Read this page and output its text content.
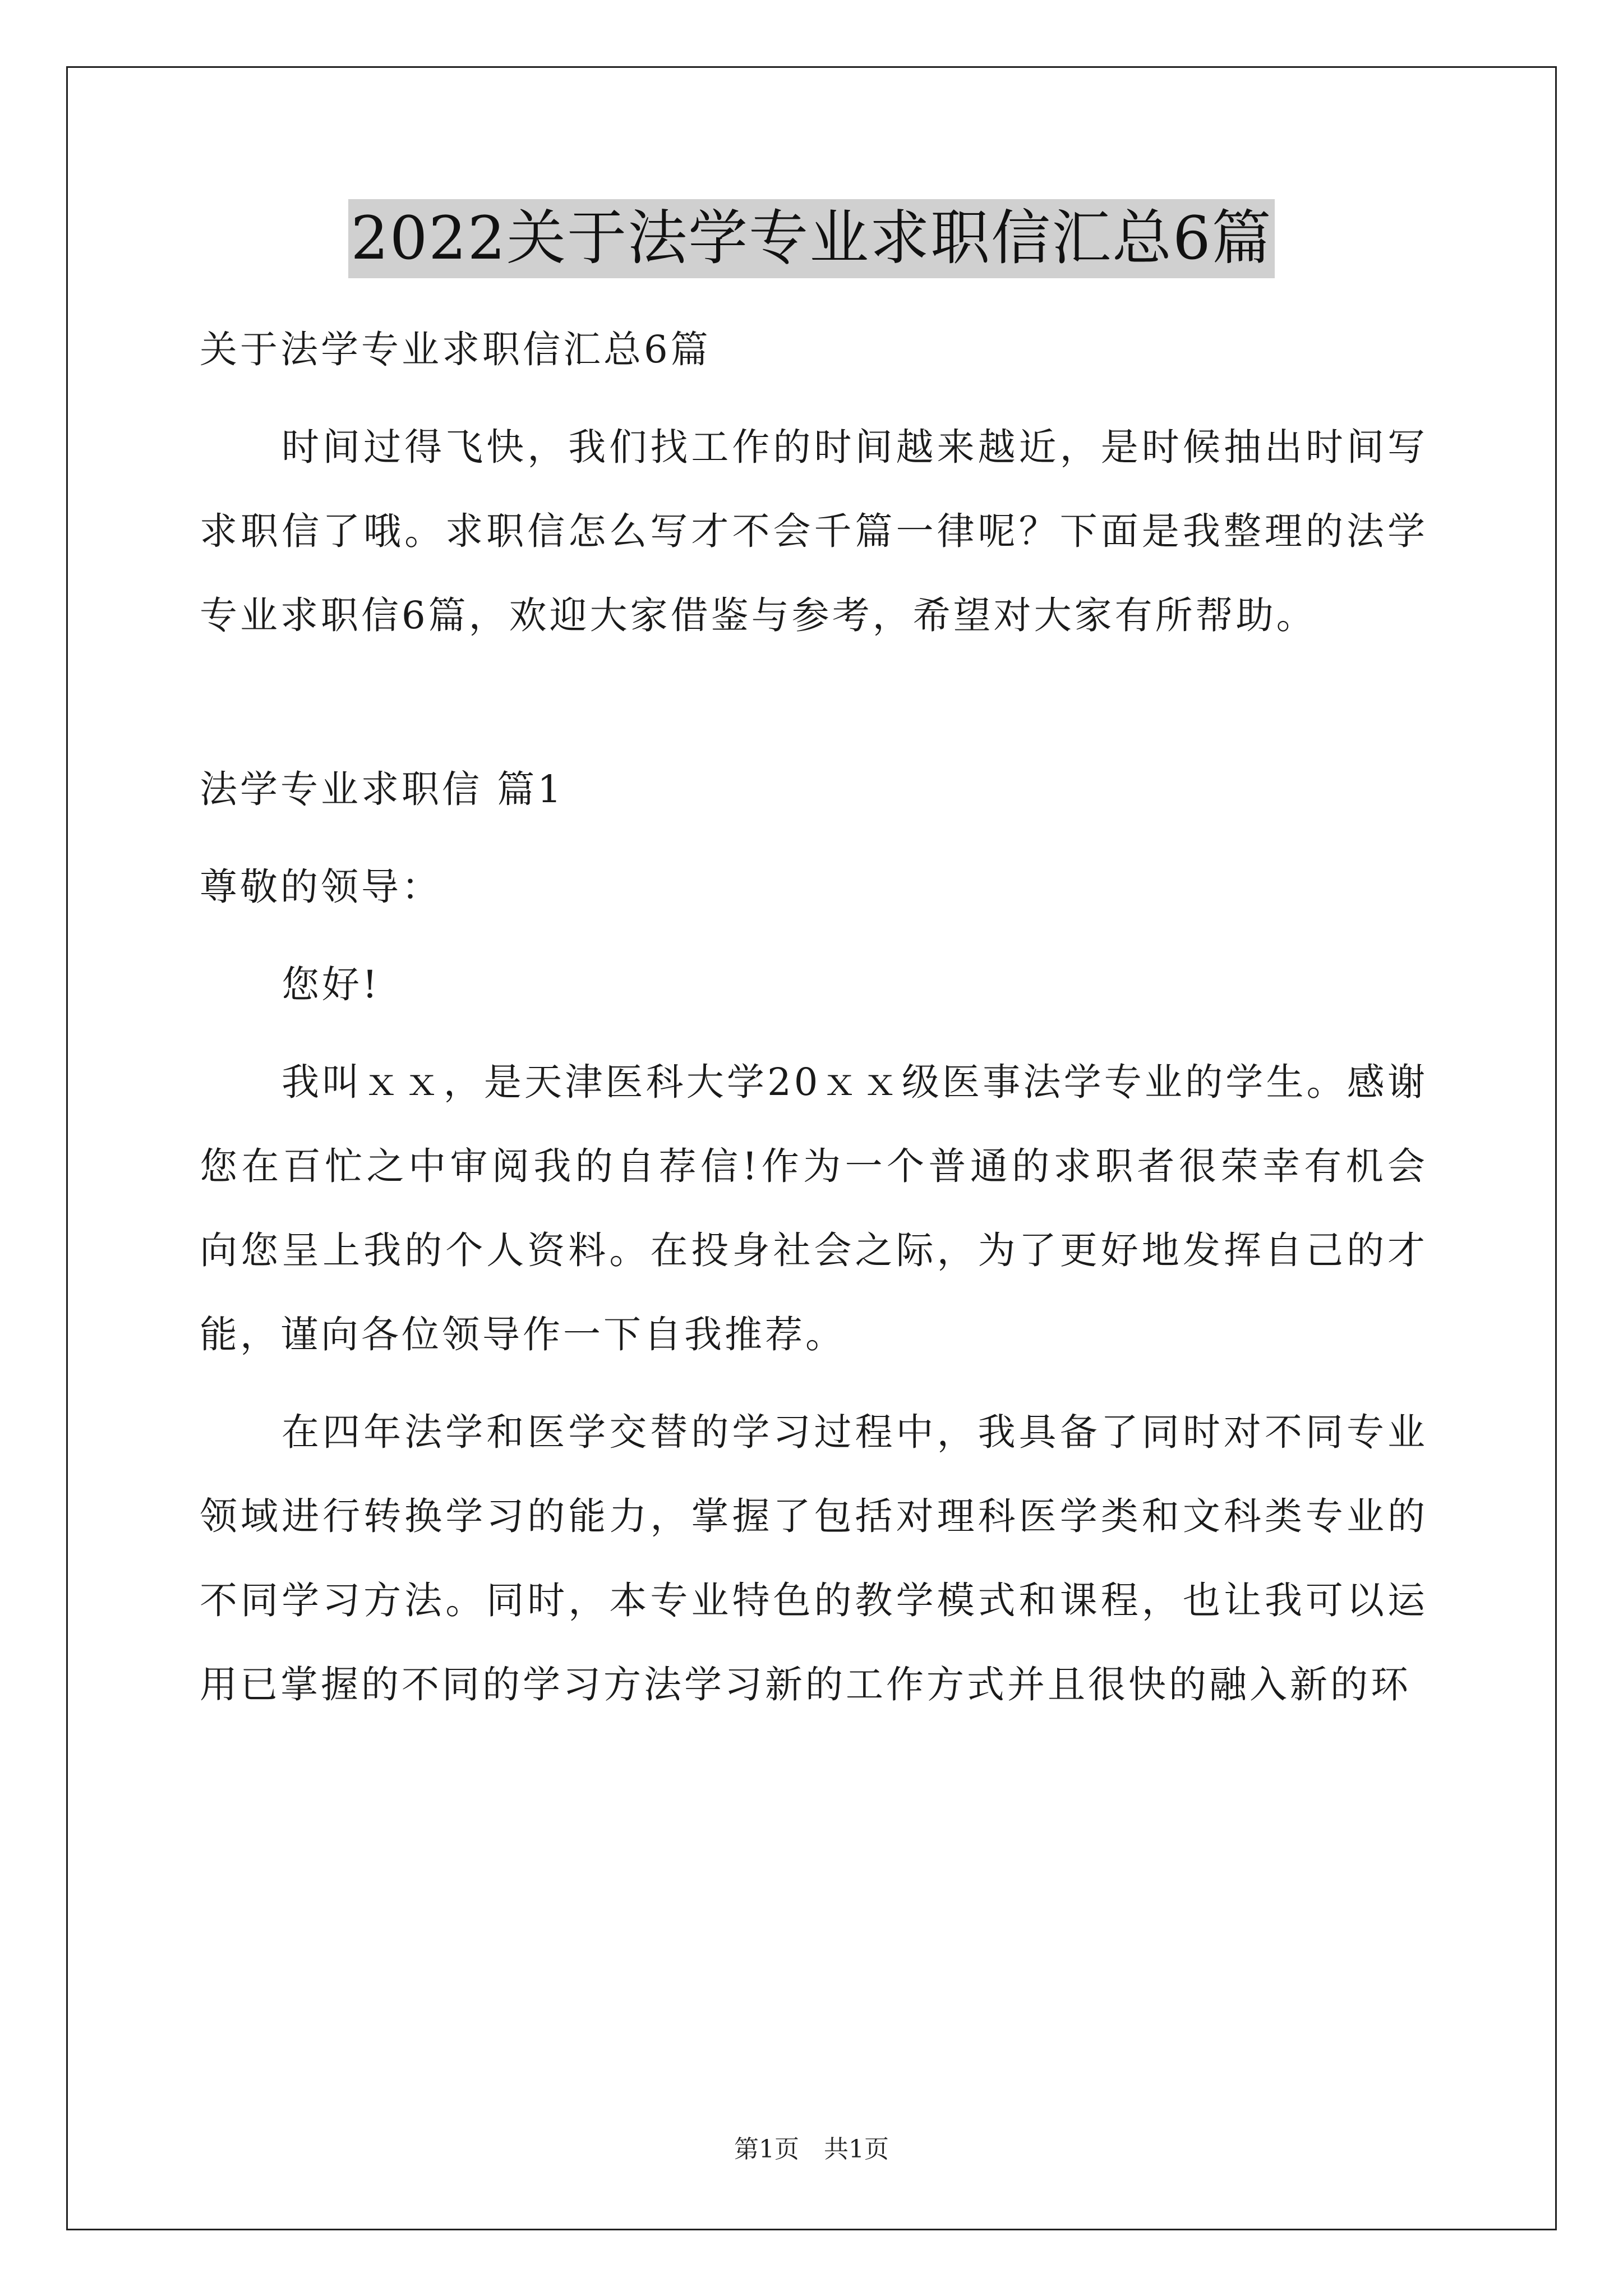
2022关于法学专业求职信汇总6篇

关于法学专业求职信汇总6篇

时间过得飞快，我们找工作的时间越来越近，是时候抽出时间写求职信了哦。求职信怎么写才不会千篇一律呢？下面是我整理的法学专业求职信6篇，欢迎大家借鉴与参考，希望对大家有所帮助。

法学专业求职信 篇1

尊敬的领导：

您好!

我叫ｘｘ，是天津医科大学20ｘｘ级医事法学专业的学生。感谢您在百忙之中审阅我的自荐信!作为一个普通的求职者很荣幸有机会向您呈上我的个人资料。在投身社会之际，为了更好地发挥自己的才能，谨向各位领导作一下自我推荐。

在四年法学和医学交替的学习过程中，我具备了同时对不同专业领域进行转换学习的能力，掌握了包括对理科医学类和文科类专业的不同学习方法。同时，本专业特色的教学模式和课程，也让我可以运用已掌握的不同的学习方法学习新的工作方式并且很快的融入新的环

第1页　共1页
